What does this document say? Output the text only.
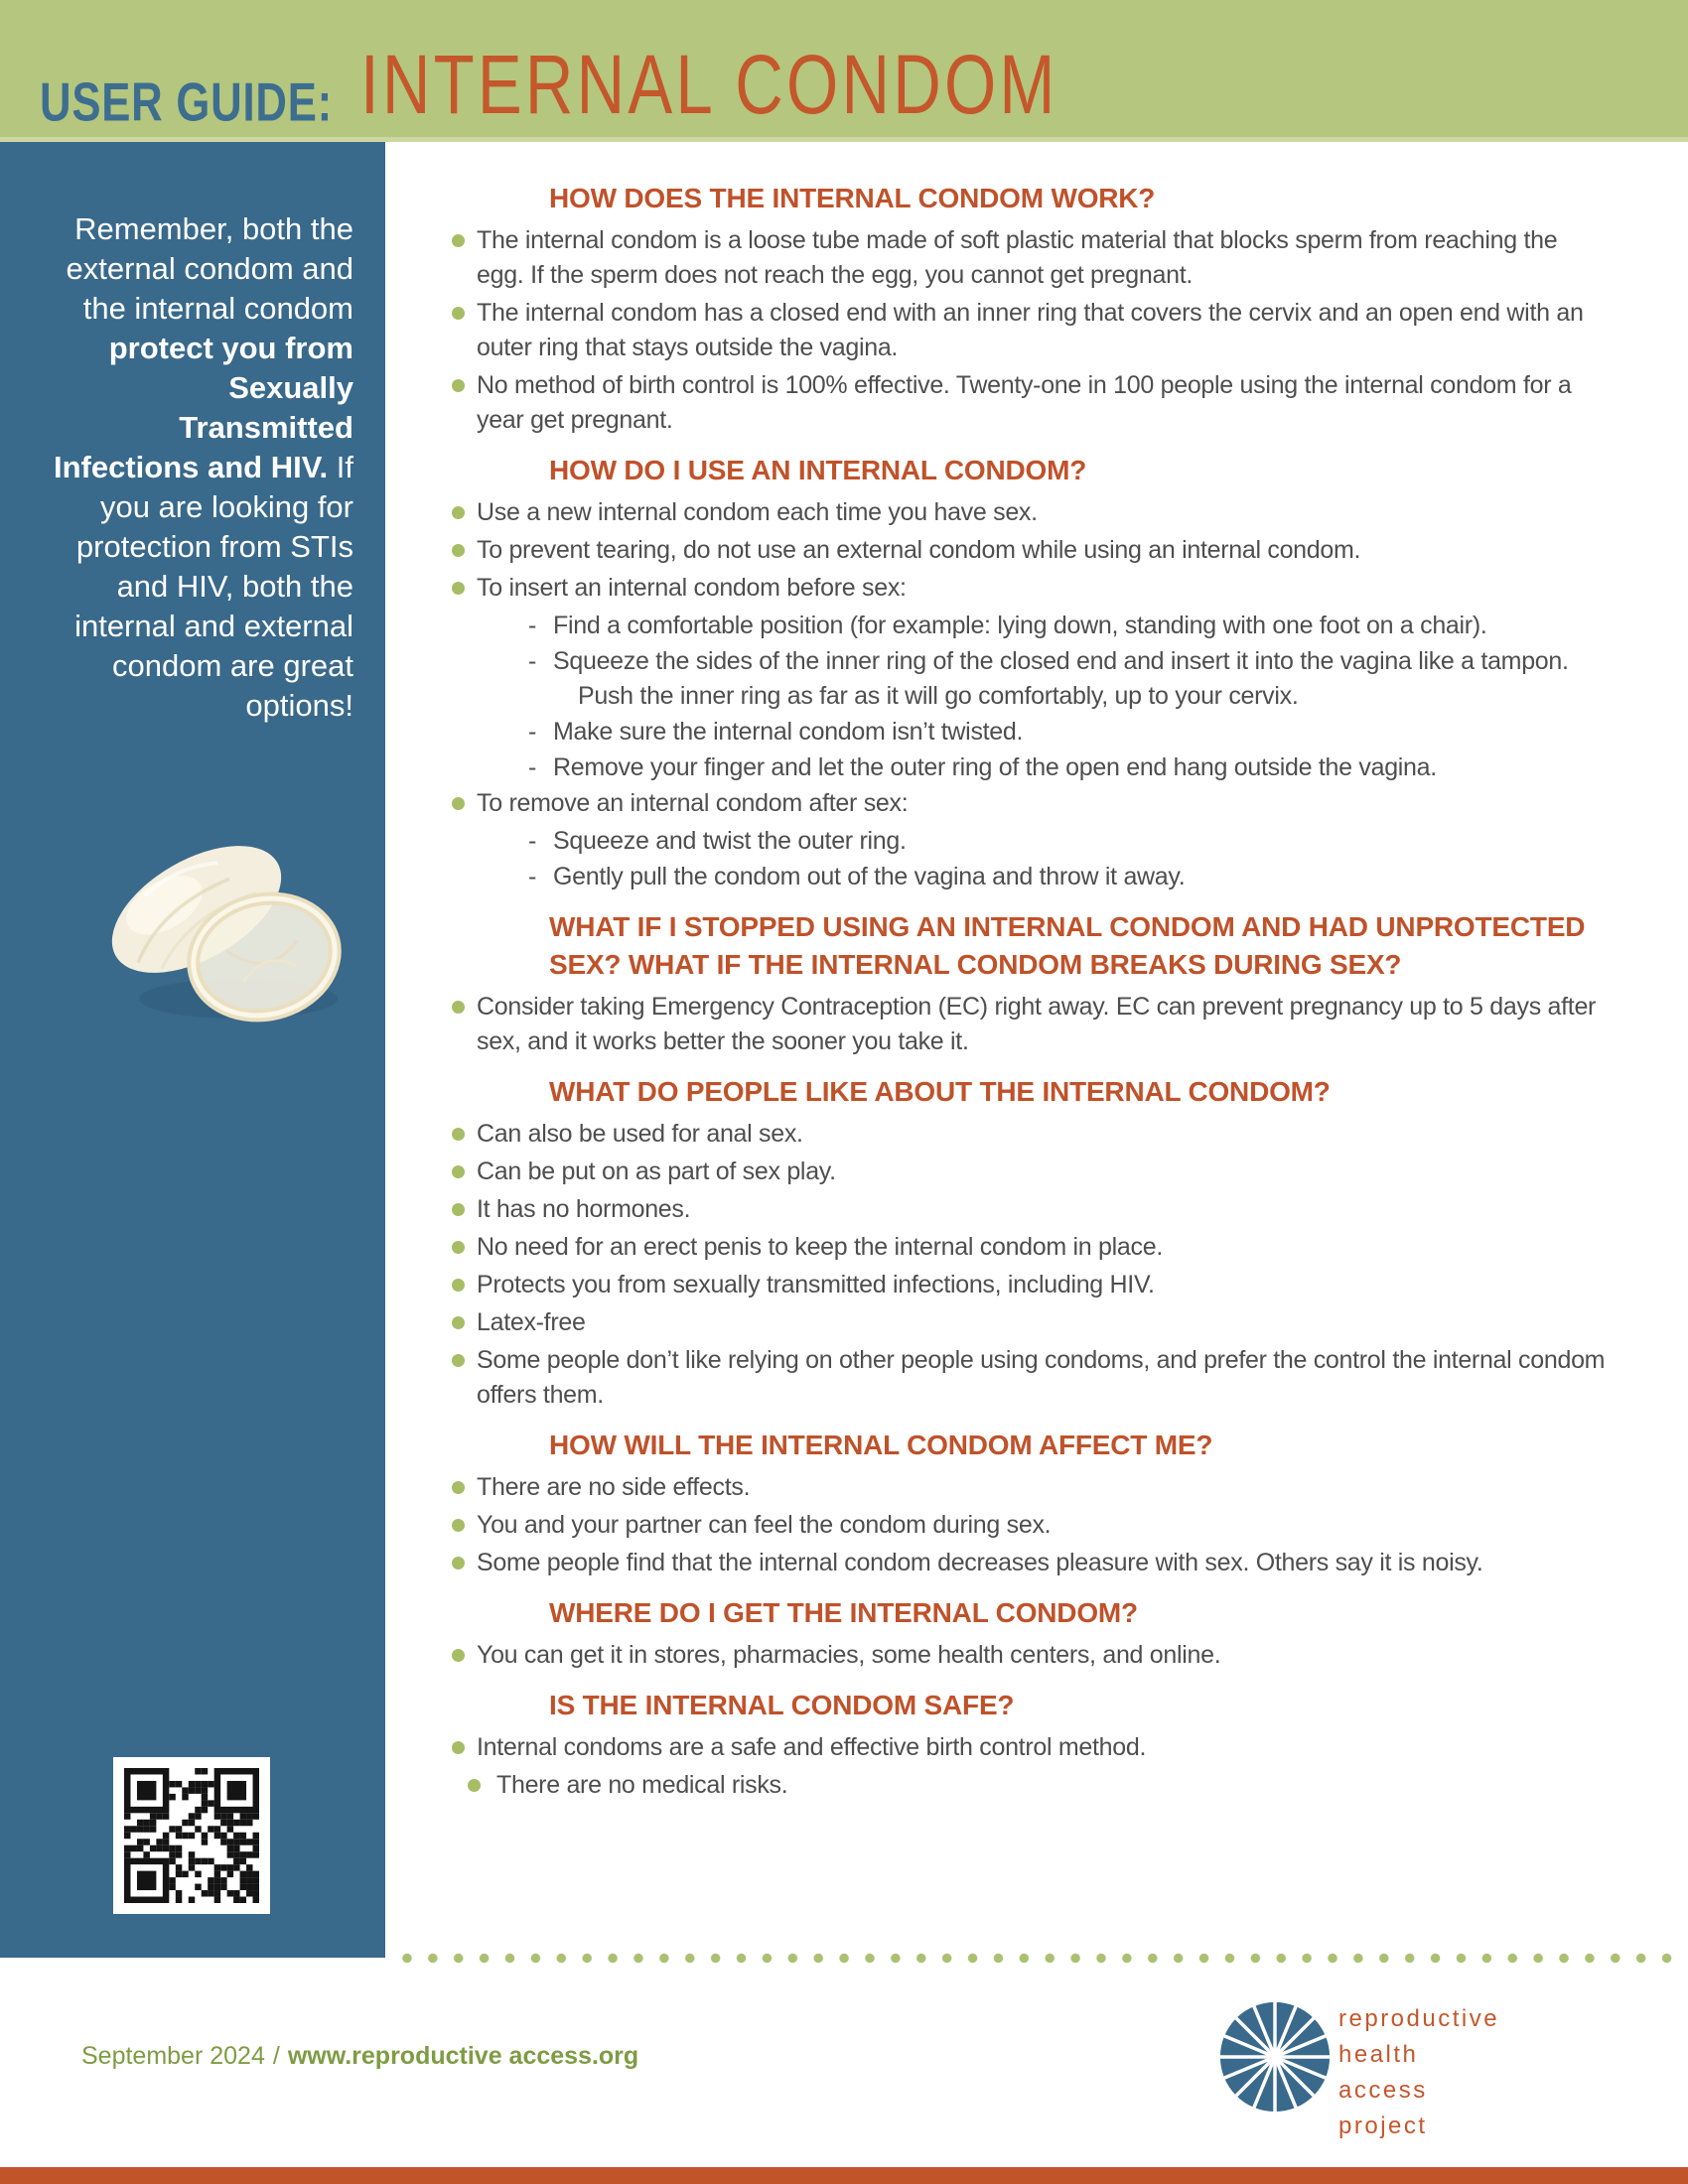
USER GUIDE: INTERNAL CONDOM

Remember, both the external condom and the internal condom protect you from Sexually Transmitted Infections and HIV. If you are looking for protection from STIs and HIV, both the internal and external condom are great options!

HOW DOES THE INTERNAL CONDOM WORK?

The internal condom is a loose tube made of soft plastic material that blocks sperm from reaching the egg. If the sperm does not reach the egg, you cannot get pregnant.

The internal condom has a closed end with an inner ring that covers the cervix and an open end with an outer ring that stays outside the vagina.

No method of birth control is 100% effective. Twenty-one in 100 people using the internal condom for a year get pregnant.

HOW DO I USE AN INTERNAL CONDOM?

Use a new internal condom each time you have sex.

To prevent tearing, do not use an external condom while using an internal condom.

To insert an internal condom before sex:

- Find a comfortable position (for example: lying down, standing with one foot on a chair).

- Squeeze the sides of the inner ring of the closed end and insert it into the vagina like a tampon. Push the inner ring as far as it will go comfortably, up to your cervix.

- Make sure the internal condom isn’t twisted.

- Remove your finger and let the outer ring of the open end hang outside the vagina.

To remove an internal condom after sex:

- Squeeze and twist the outer ring.

- Gently pull the condom out of the vagina and throw it away.

WHAT IF I STOPPED USING AN INTERNAL CONDOM AND HAD UNPROTECTED SEX? WHAT IF THE INTERNAL CONDOM BREAKS DURING SEX?

Consider taking Emergency Contraception (EC) right away. EC can prevent pregnancy up to 5 days after sex, and it works better the sooner you take it.

WHAT DO PEOPLE LIKE ABOUT THE INTERNAL CONDOM?

Can also be used for anal sex.

Can be put on as part of sex play.

It has no hormones.

No need for an erect penis to keep the internal condom in place.

Protects you from sexually transmitted infections, including HIV.

Latex-free

Some people don’t like relying on other people using condoms, and prefer the control the internal condom offers them.

HOW WILL THE INTERNAL CONDOM AFFECT ME?

There are no side effects.

You and your partner can feel the condom during sex.

Some people find that the internal condom decreases pleasure with sex. Others say it is noisy.

WHERE DO I GET THE INTERNAL CONDOM?

You can get it in stores, pharmacies, some health centers, and online.

IS THE INTERNAL CONDOM SAFE?

Internal condoms are a safe and effective birth control method.

There are no medical risks.

September 2024 / www.reproductive access.org
reproductive
health
access
project
